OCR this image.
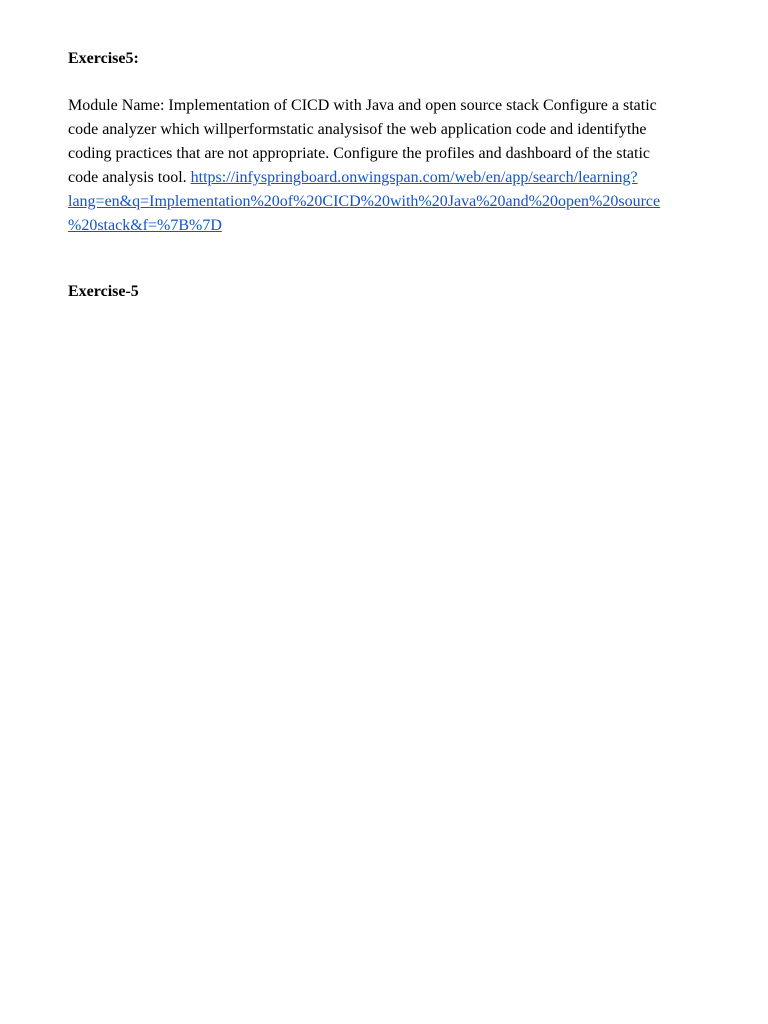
Exercise5:

Module Name: Implementation of CICD with Java and open source stack Configure a static
code analyzer which willperformstatic analysisof the web application code and identifythe
coding practices that are not appropriate. Configure the profiles and dashboard of the static
code analysis tool. https://infyspringboard.onwingspan.com/web/en/app/search/learning?
lang=en&q=Implementation%20of%20CICD%20with%20Java%20and%20open%20source
%20stack&f=%7B%7D

Exercise-5
